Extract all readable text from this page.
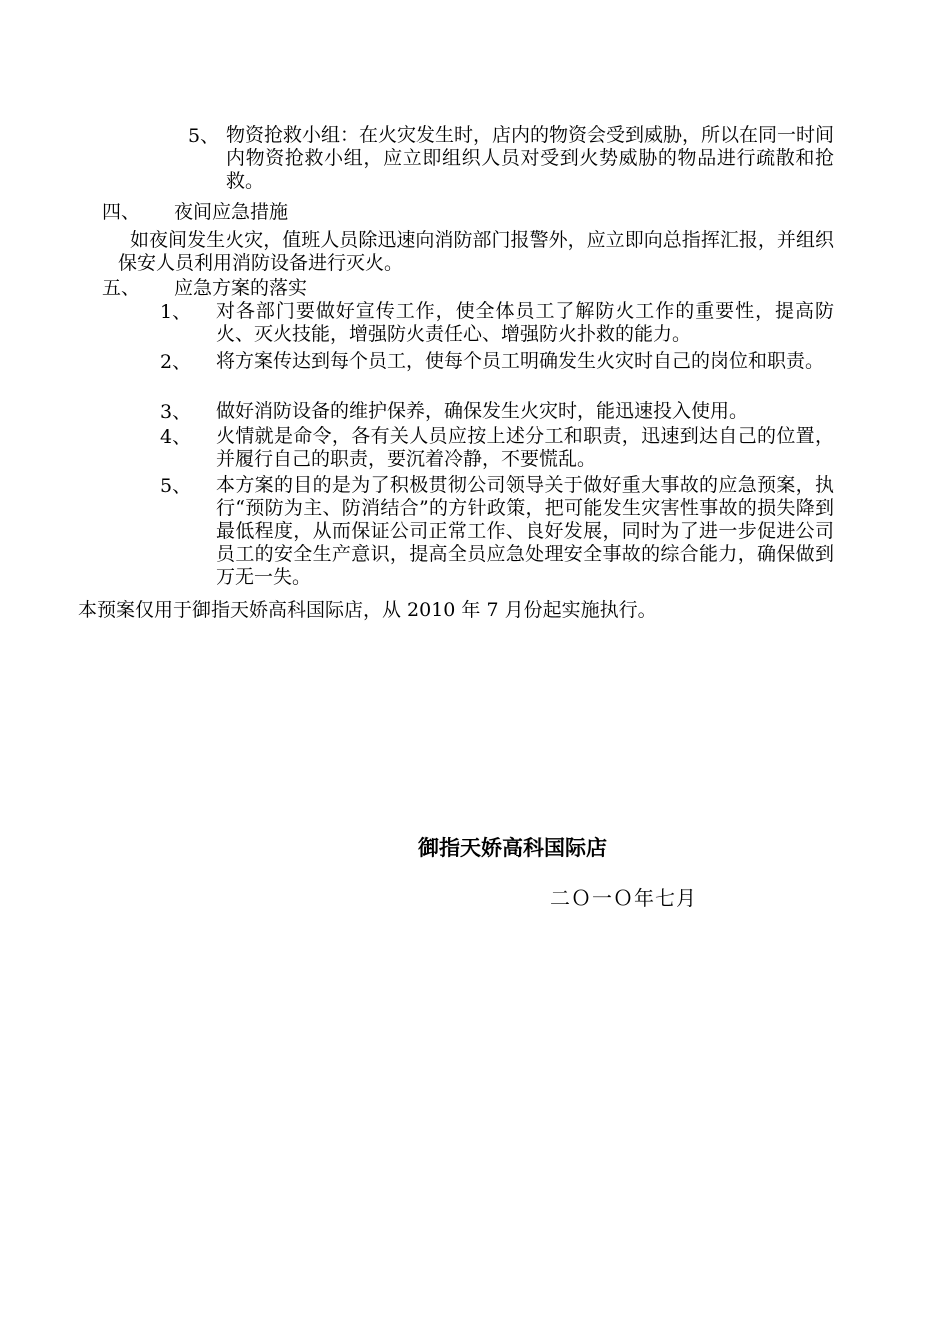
5、 物资抢救小组：在火灾发生时，店内的物资会受到威胁，所以在同一时间内物资抢救小组，应立即组织人员对受到火势威胁的物品进行疏散和抢救。
四、 夜间应急措施
如夜间发生火灾，值班人员除迅速向消防部门报警外，应立即向总指挥汇报，并组织保安人员利用消防设备进行灭火。
五、 应急方案的落实
1、 对各部门要做好宣传工作，使全体员工了解防火工作的重要性，提高防火、灭火技能，增强防火责任心、增强防火扑救的能力。
2、 将方案传达到每个员工，使每个员工明确发生火灾时自己的岗位和职责。
3、 做好消防设备的维护保养，确保发生火灾时，能迅速投入使用。
4、 火情就是命令，各有关人员应按上述分工和职责，迅速到达自己的位置，并履行自己的职责，要沉着冷静，不要慌乱。
5、 本方案的目的是为了积极贯彻公司领导关于做好重大事故的应急预案，执行“预防为主、防消结合”的方针政策，把可能发生灾害性事故的损失降到最低程度，从而保证公司正常工作、良好发展，同时为了进一步促进公司员工的安全生产意识，提高全员应急处理安全事故的综合能力，确保做到万无一失。
本预案仅用于御指天娇高科国际店，从 2010 年 7 月份起实施执行。
御指天娇高科国际店
二Ｏ一Ｏ年七月
